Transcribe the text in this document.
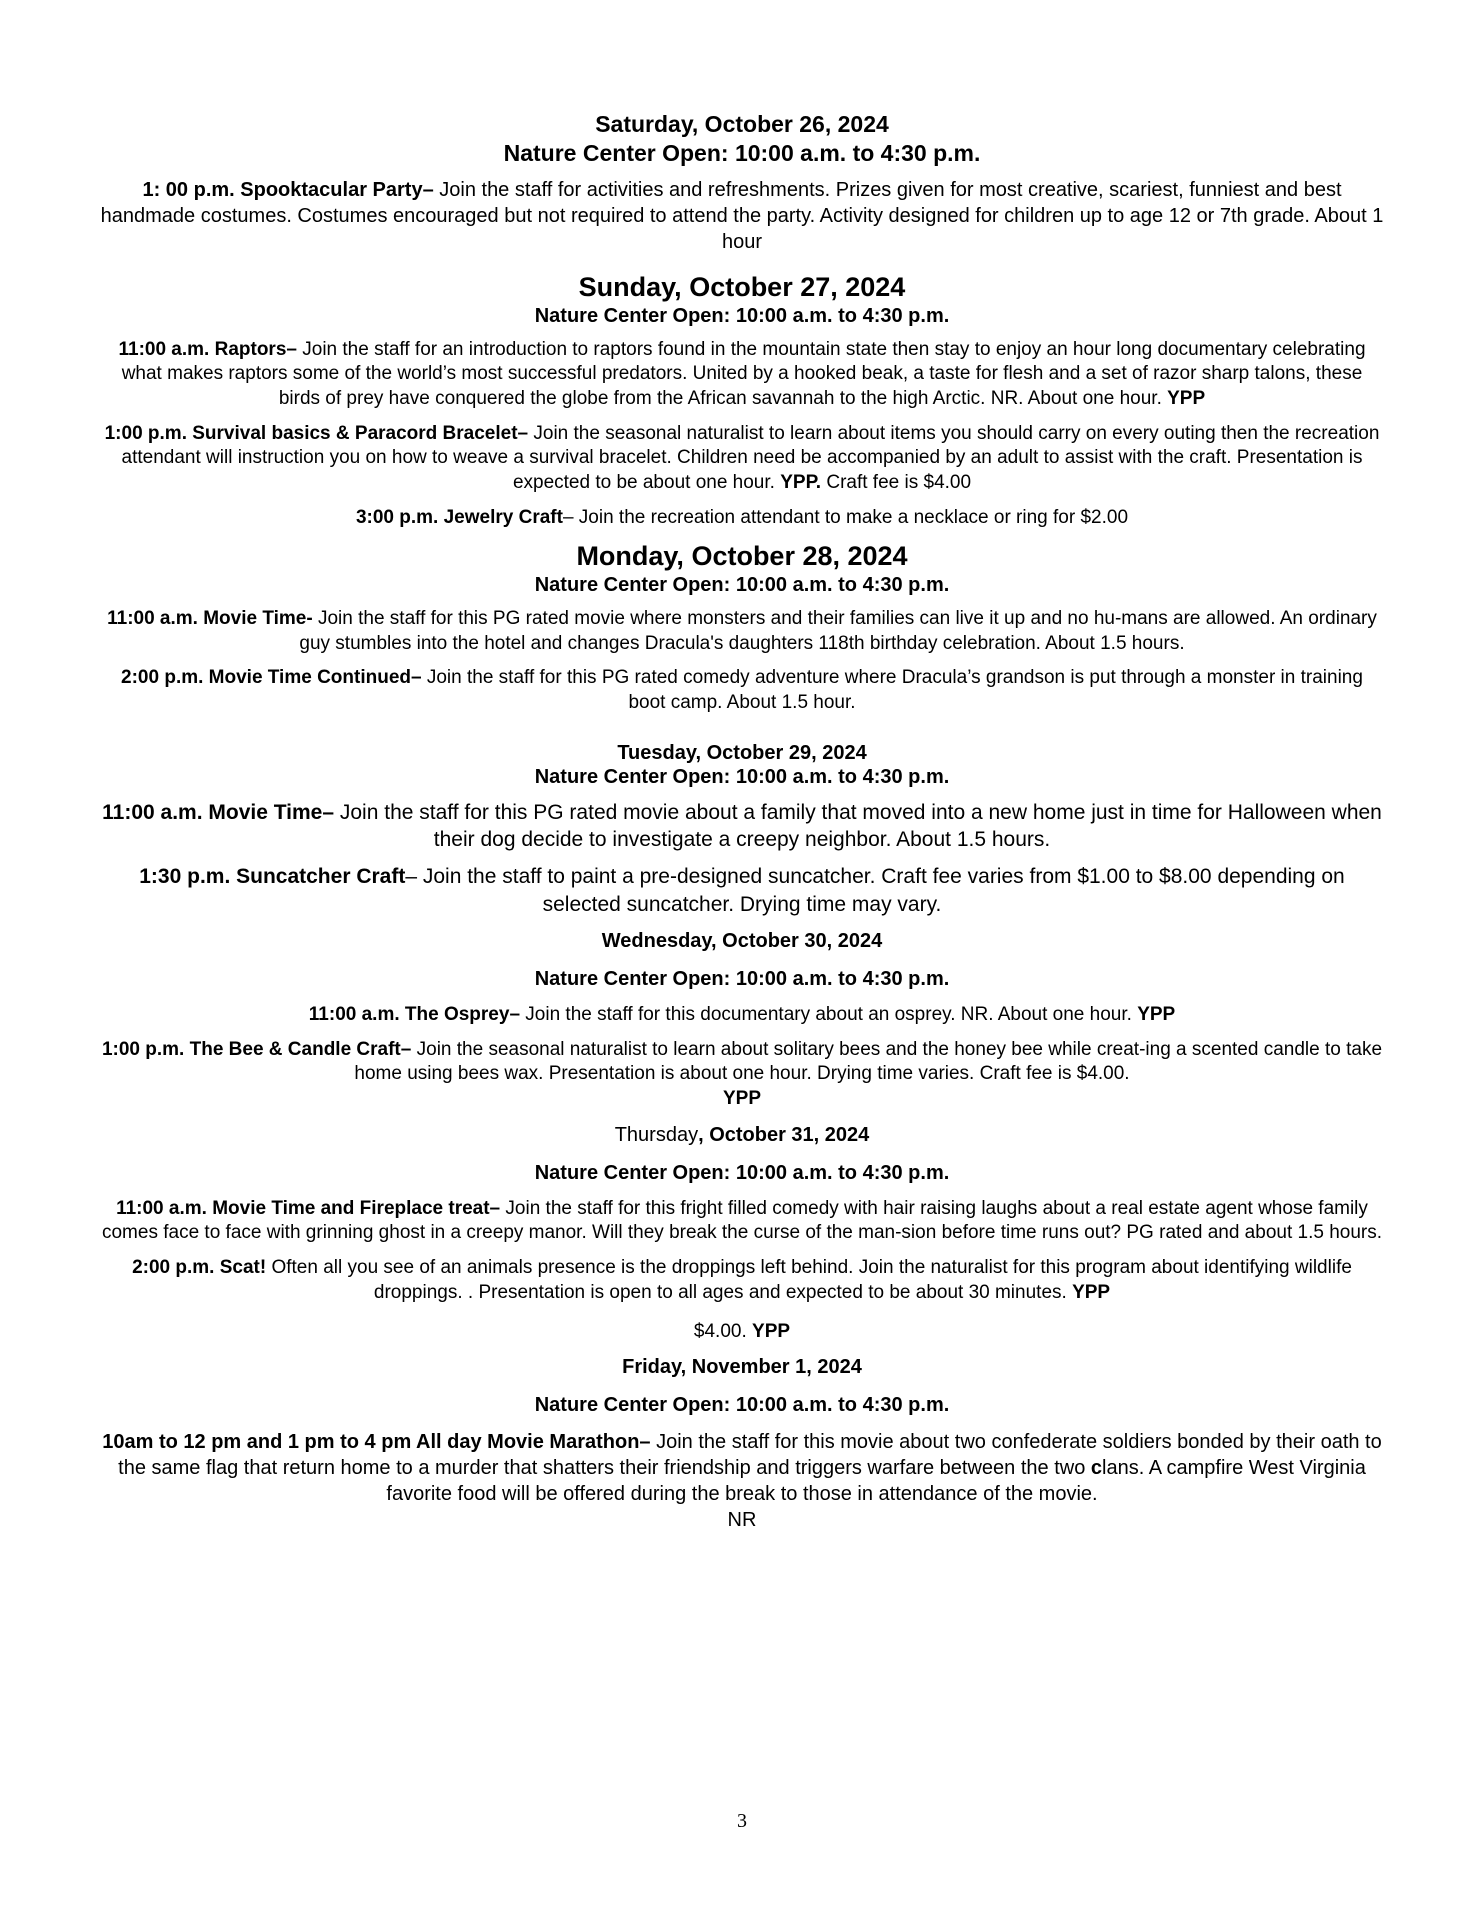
Saturday, October 26, 2024
Nature Center Open: 10:00 a.m. to 4:30 p.m.

1: 00 p.m. Spooktacular Party– Join the staff for activities and refreshments. Prizes given for most creative, scariest, funniest and best handmade costumes. Costumes encouraged but not required to attend the party. Activity designed for children up to age 12 or 7th grade. About 1 hour

Sunday, October 27, 2024
Nature Center Open: 10:00 a.m. to 4:30 p.m.

11:00 a.m. Raptors– Join the staff for an introduction to raptors found in the mountain state then stay to enjoy an hour long documentary celebrating what makes raptors some of the world’s most successful predators. United by a hooked beak, a taste for flesh and a set of razor sharp talons, these birds of prey have conquered the globe from the African savannah to the high Arctic. NR. About one hour. YPP

1:00 p.m. Survival basics & Paracord Bracelet– Join the seasonal naturalist to learn about items you should carry on every outing then the recreation attendant will instruction you on how to weave a survival bracelet. Children need be accompanied by an adult to assist with the craft. Presentation is expected to be about one hour. YPP. Craft fee is $4.00

3:00 p.m. Jewelry Craft– Join the recreation attendant to make a necklace or ring for $2.00

Monday, October 28, 2024
Nature Center Open: 10:00 a.m. to 4:30 p.m.

11:00 a.m. Movie Time- Join the staff for this PG rated movie where monsters and their families can live it up and no hu-mans are allowed. An ordinary guy stumbles into the hotel and changes Dracula's daughters 118th birthday celebration. About 1.5 hours.

2:00 p.m. Movie Time Continued– Join the staff for this PG rated comedy adventure where Dracula’s grandson is put through a monster in training boot camp. About 1.5 hour.

Tuesday, October 29, 2024
Nature Center Open: 10:00 a.m. to 4:30 p.m.

11:00 a.m. Movie Time– Join the staff for this PG rated movie about a family that moved into a new home just in time for Halloween when their dog decide to investigate a creepy neighbor. About 1.5 hours.

1:30 p.m. Suncatcher Craft– Join the staff to paint a pre-designed suncatcher. Craft fee varies from $1.00 to $8.00 depending on selected suncatcher. Drying time may vary.

Wednesday, October 30, 2024
Nature Center Open: 10:00 a.m. to 4:30 p.m.

11:00 a.m. The Osprey– Join the staff for this documentary about an osprey. NR. About one hour. YPP

1:00 p.m. The Bee & Candle Craft– Join the seasonal naturalist to learn about solitary bees and the honey bee while creat-ing a scented candle to take home using bees wax. Presentation is about one hour. Drying time varies. Craft fee is $4.00.
YPP

Thursday, October 31, 2024
Nature Center Open: 10:00 a.m. to 4:30 p.m.

11:00 a.m. Movie Time and Fireplace treat– Join the staff for this fright filled comedy with hair raising laughs about a real estate agent whose family comes face to face with grinning ghost in a creepy manor. Will they break the curse of the man-sion before time runs out? PG rated and about 1.5 hours.

2:00 p.m. Scat! Often all you see of an animals presence is the droppings left behind. Join the naturalist for this program about identifying wildlife droppings. . Presentation is open to all ages and expected to be about 30 minutes. YPP

$4.00. YPP

Friday, November 1, 2024
Nature Center Open: 10:00 a.m. to 4:30 p.m.

10am to 12 pm and 1 pm to 4 pm All day Movie Marathon– Join the staff for this movie about two confederate soldiers bonded by their oath to the same flag that return home to a murder that shatters their friendship and triggers warfare between the two clans. A campfire West Virginia favorite food will be offered during the break to those in attendance of the movie.
NR

3
